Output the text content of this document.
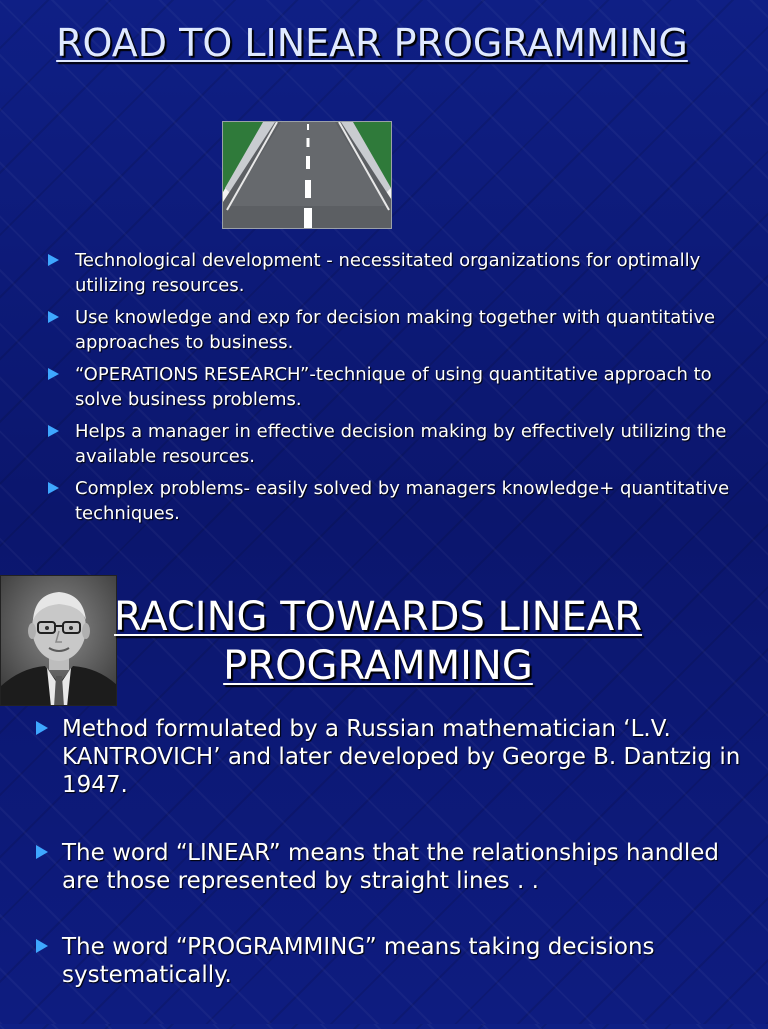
ROAD TO LINEAR PROGRAMMING
Technological development - necessitated organizations for optimally utilizing resources.
Use knowledge and exp for decision making together with quantitative approaches to business.
“OPERATIONS RESEARCH”-technique of using quantitative approach to solve business problems.
Helps a manager in effective decision making by effectively utilizing the available resources.
Complex problems- easily solved by managers knowledge+ quantitative techniques.
RACING TOWARDS LINEAR PROGRAMMING
Method formulated by a Russian mathematician ‘L.V. KANTROVICH’ and later developed by George B. Dantzig in 1947.
The word “LINEAR” means that the relationships handled are those represented by straight lines . .
The word “PROGRAMMING” means taking decisions systematically.
